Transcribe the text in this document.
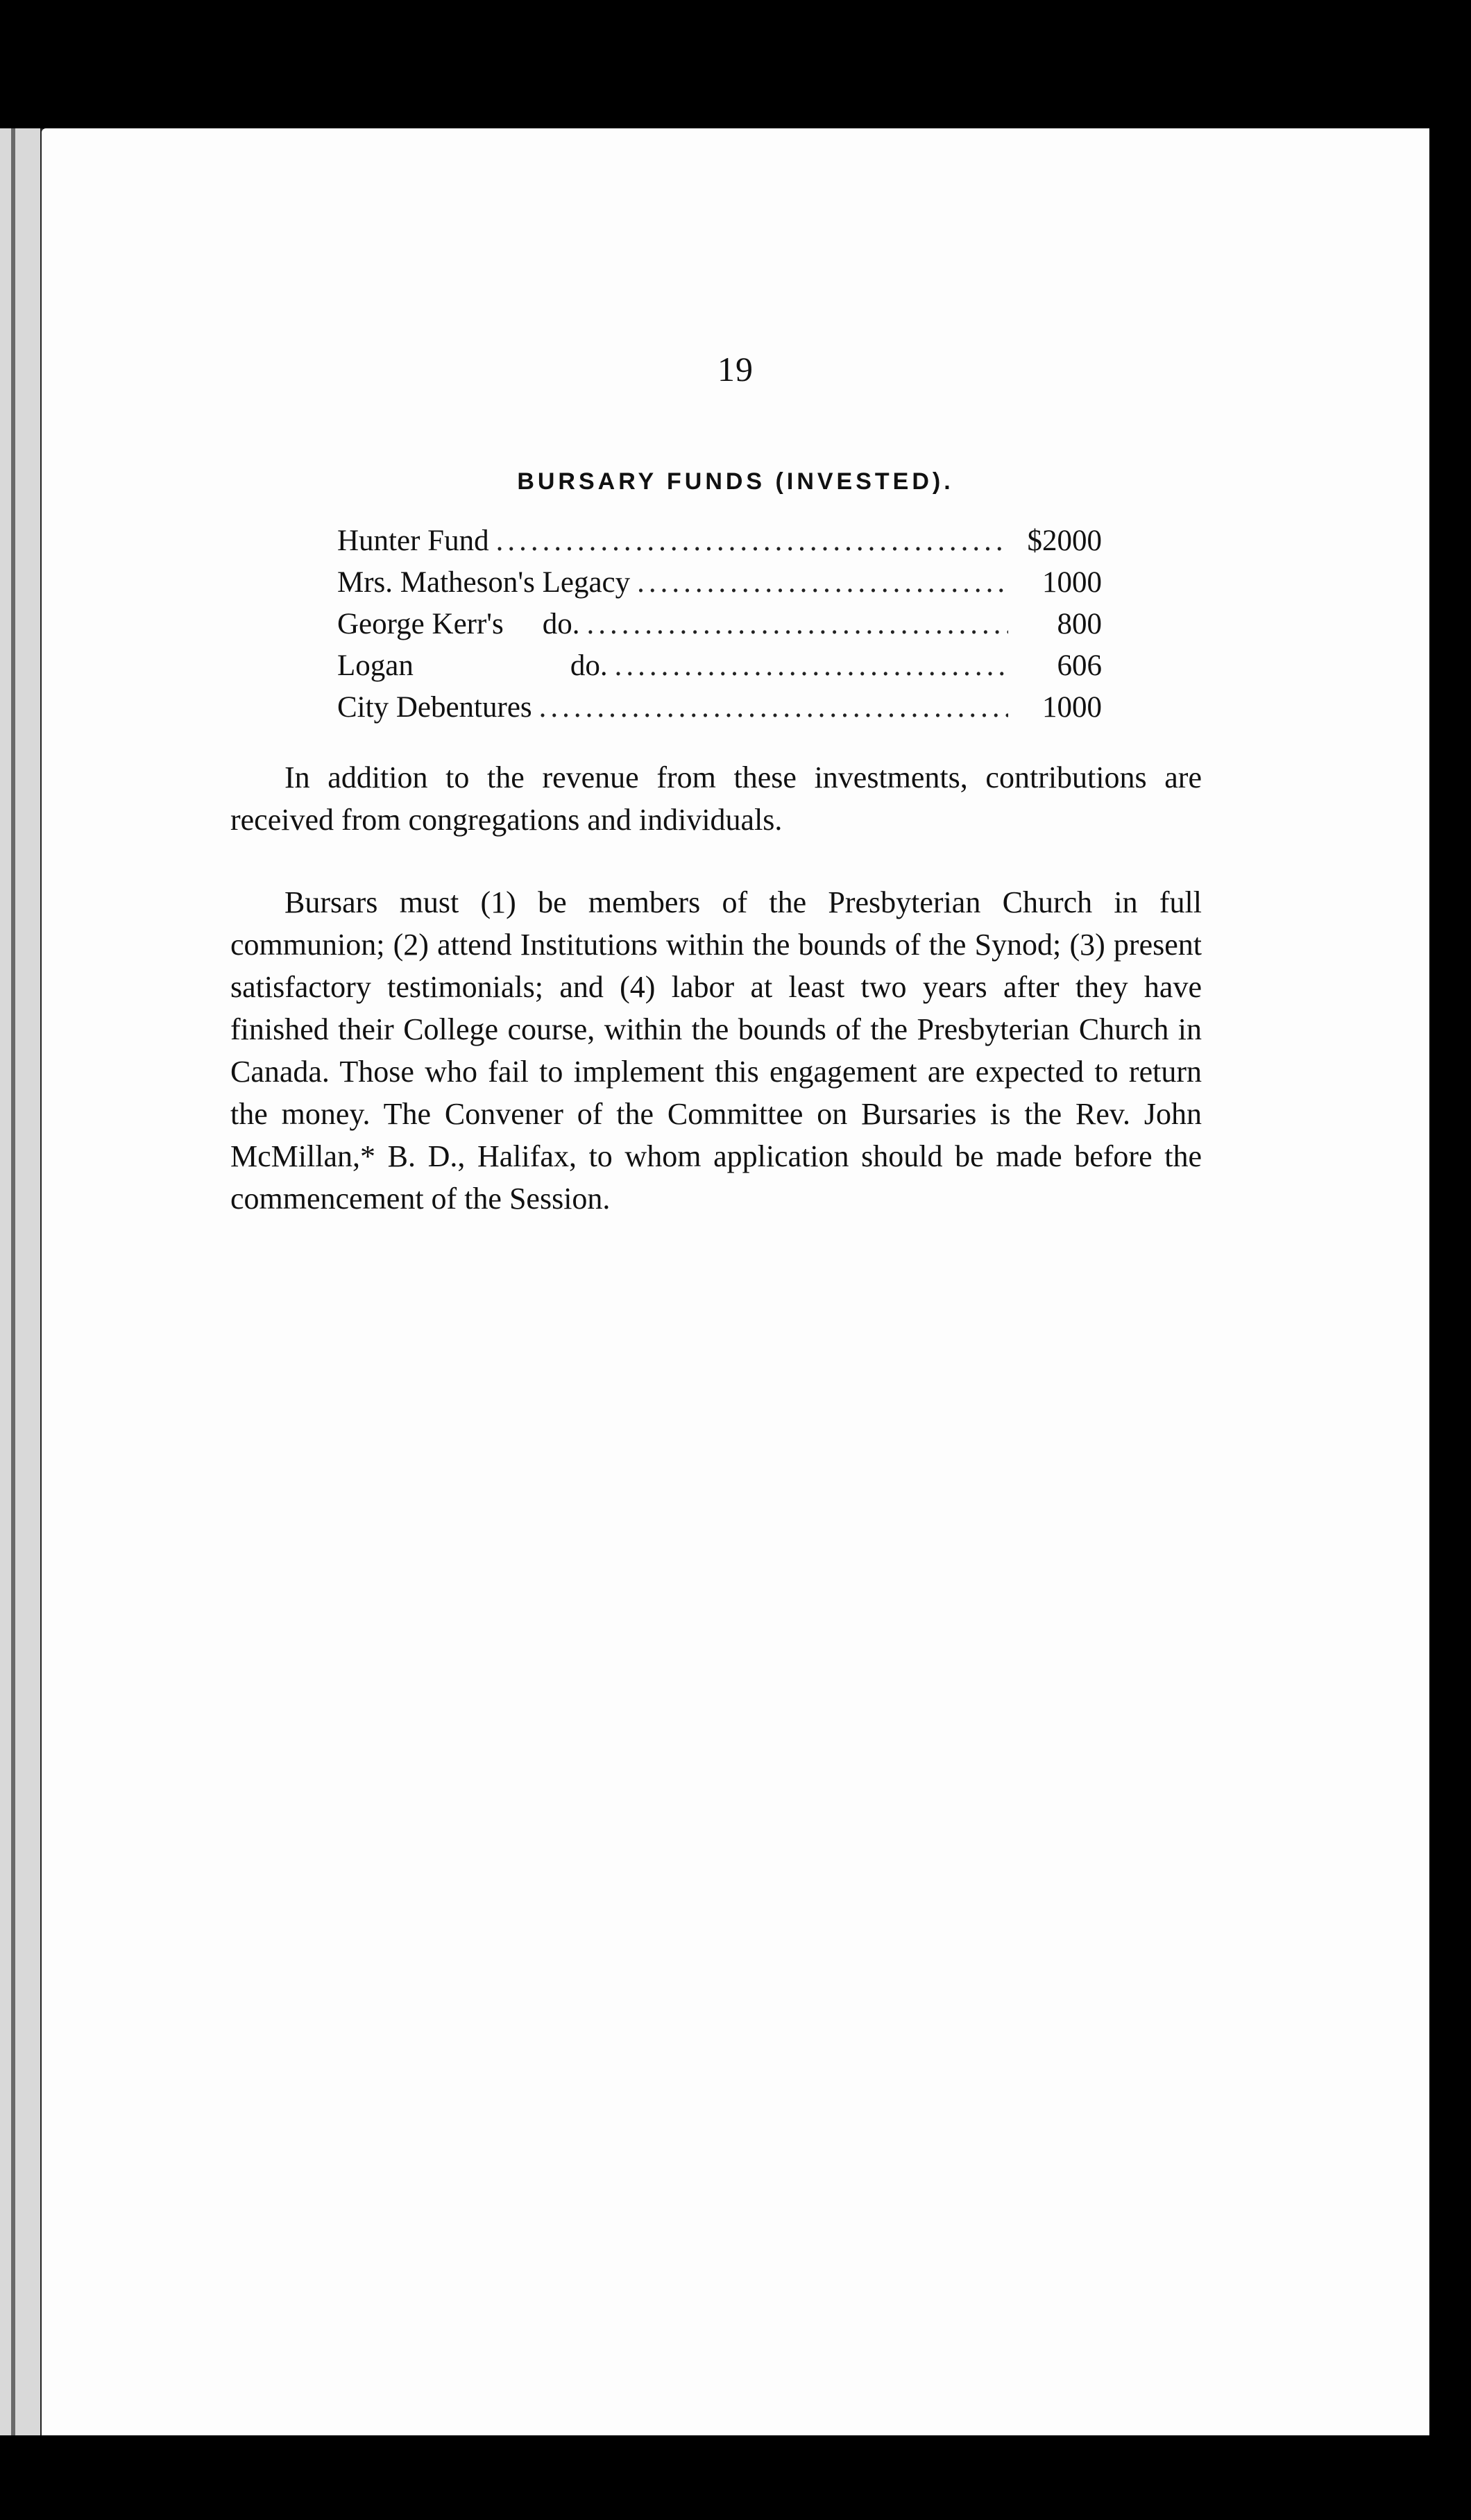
19
BURSARY FUNDS (INVESTED).
Hunter Fund .....	$2000
Mrs. Matheson's Legacy .....	1000
George Kerr's do. .....	800
Logan	do. .....	606
City Debentures .....	1000

In addition to the revenue from these investments, contributions are received from congregations and individuals.

Bursars must (1) be members of the Presbyterian Church in full communion; (2) attend Institutions within the bounds of the Synod; (3) present satisfactory testimonials; and (4) labor at least two years after they have finished their College course, within the bounds of the Presbyterian Church in Canada. Those who fail to implement this engagement are expected to return the money. The Convener of the Committee on Bursaries is the Rev. John McMillan,* B. D., Halifax, to whom application should be made before the commencement of the Session.
